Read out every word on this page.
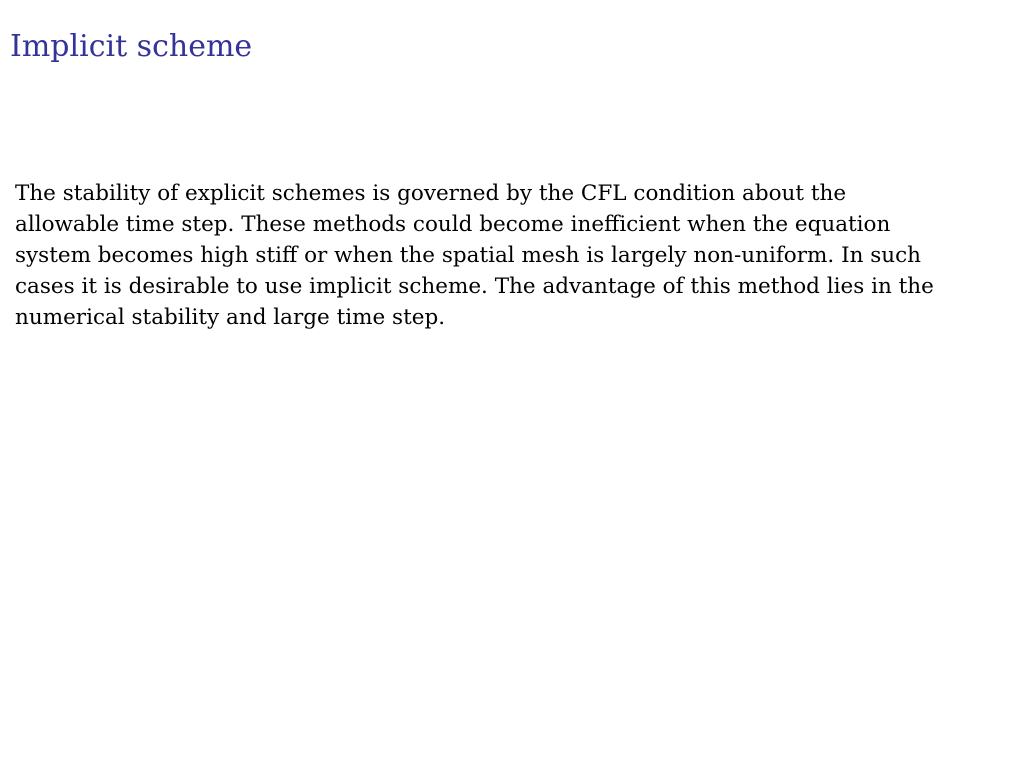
Implicit scheme

The stability of explicit schemes is governed by the CFL condition about the
allowable time step. These methods could become inefficient when the equation
system becomes high stiff or when the spatial mesh is largely non-uniform. In such
cases it is desirable to use implicit scheme. The advantage of this method lies in the
numerical stability and large time step.
